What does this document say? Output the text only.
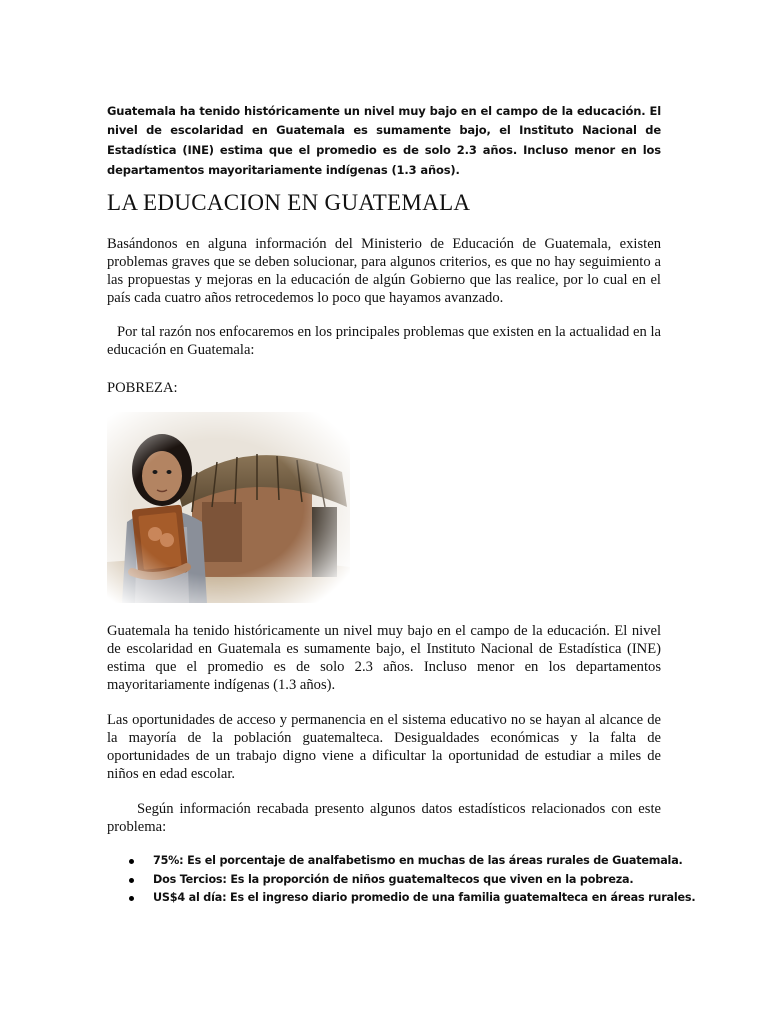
Guatemala ha tenido históricamente un nivel muy bajo en el campo de la educación. El nivel de escolaridad en Guatemala es sumamente bajo, el Instituto Nacional de Estadística (INE) estima que el promedio es de solo 2.3 años. Incluso menor en los departamentos mayoritariamente indígenas (1.3 años).

LA EDUCACION EN GUATEMALA

Basándonos en alguna información del Ministerio de Educación de Guatemala, existen problemas graves que se deben solucionar, para algunos criterios, es que no hay seguimiento a las propuestas y mejoras en la educación de algún Gobierno que las realice, por lo cual en el país cada cuatro años retrocedemos lo poco que hayamos avanzado.

Por tal razón nos enfocaremos en los principales problemas que existen en la actualidad en la educación en Guatemala:

POBREZA:

Guatemala ha tenido históricamente un nivel muy bajo en el campo de la educación. El nivel de escolaridad en Guatemala es sumamente bajo, el Instituto Nacional de Estadística (INE) estima que el promedio es de solo 2.3 años. Incluso menor en los departamentos mayoritariamente indígenas (1.3 años).

Las oportunidades de acceso y permanencia en el sistema educativo no se hayan al alcance de la mayoría de la población guatemalteca. Desigualdades económicas y la falta de oportunidades de un trabajo digno viene a dificultar la oportunidad de estudiar a miles de niños en edad escolar.

Según información recabada presento algunos datos estadísticos relacionados con este problema:

75%: Es el porcentaje de analfabetismo en muchas de las áreas rurales de Guatemala.
Dos Tercios: Es la proporción de niños guatemaltecos que viven en la pobreza.
US$4 al día: Es el ingreso diario promedio de una familia guatemalteca en áreas rurales.
